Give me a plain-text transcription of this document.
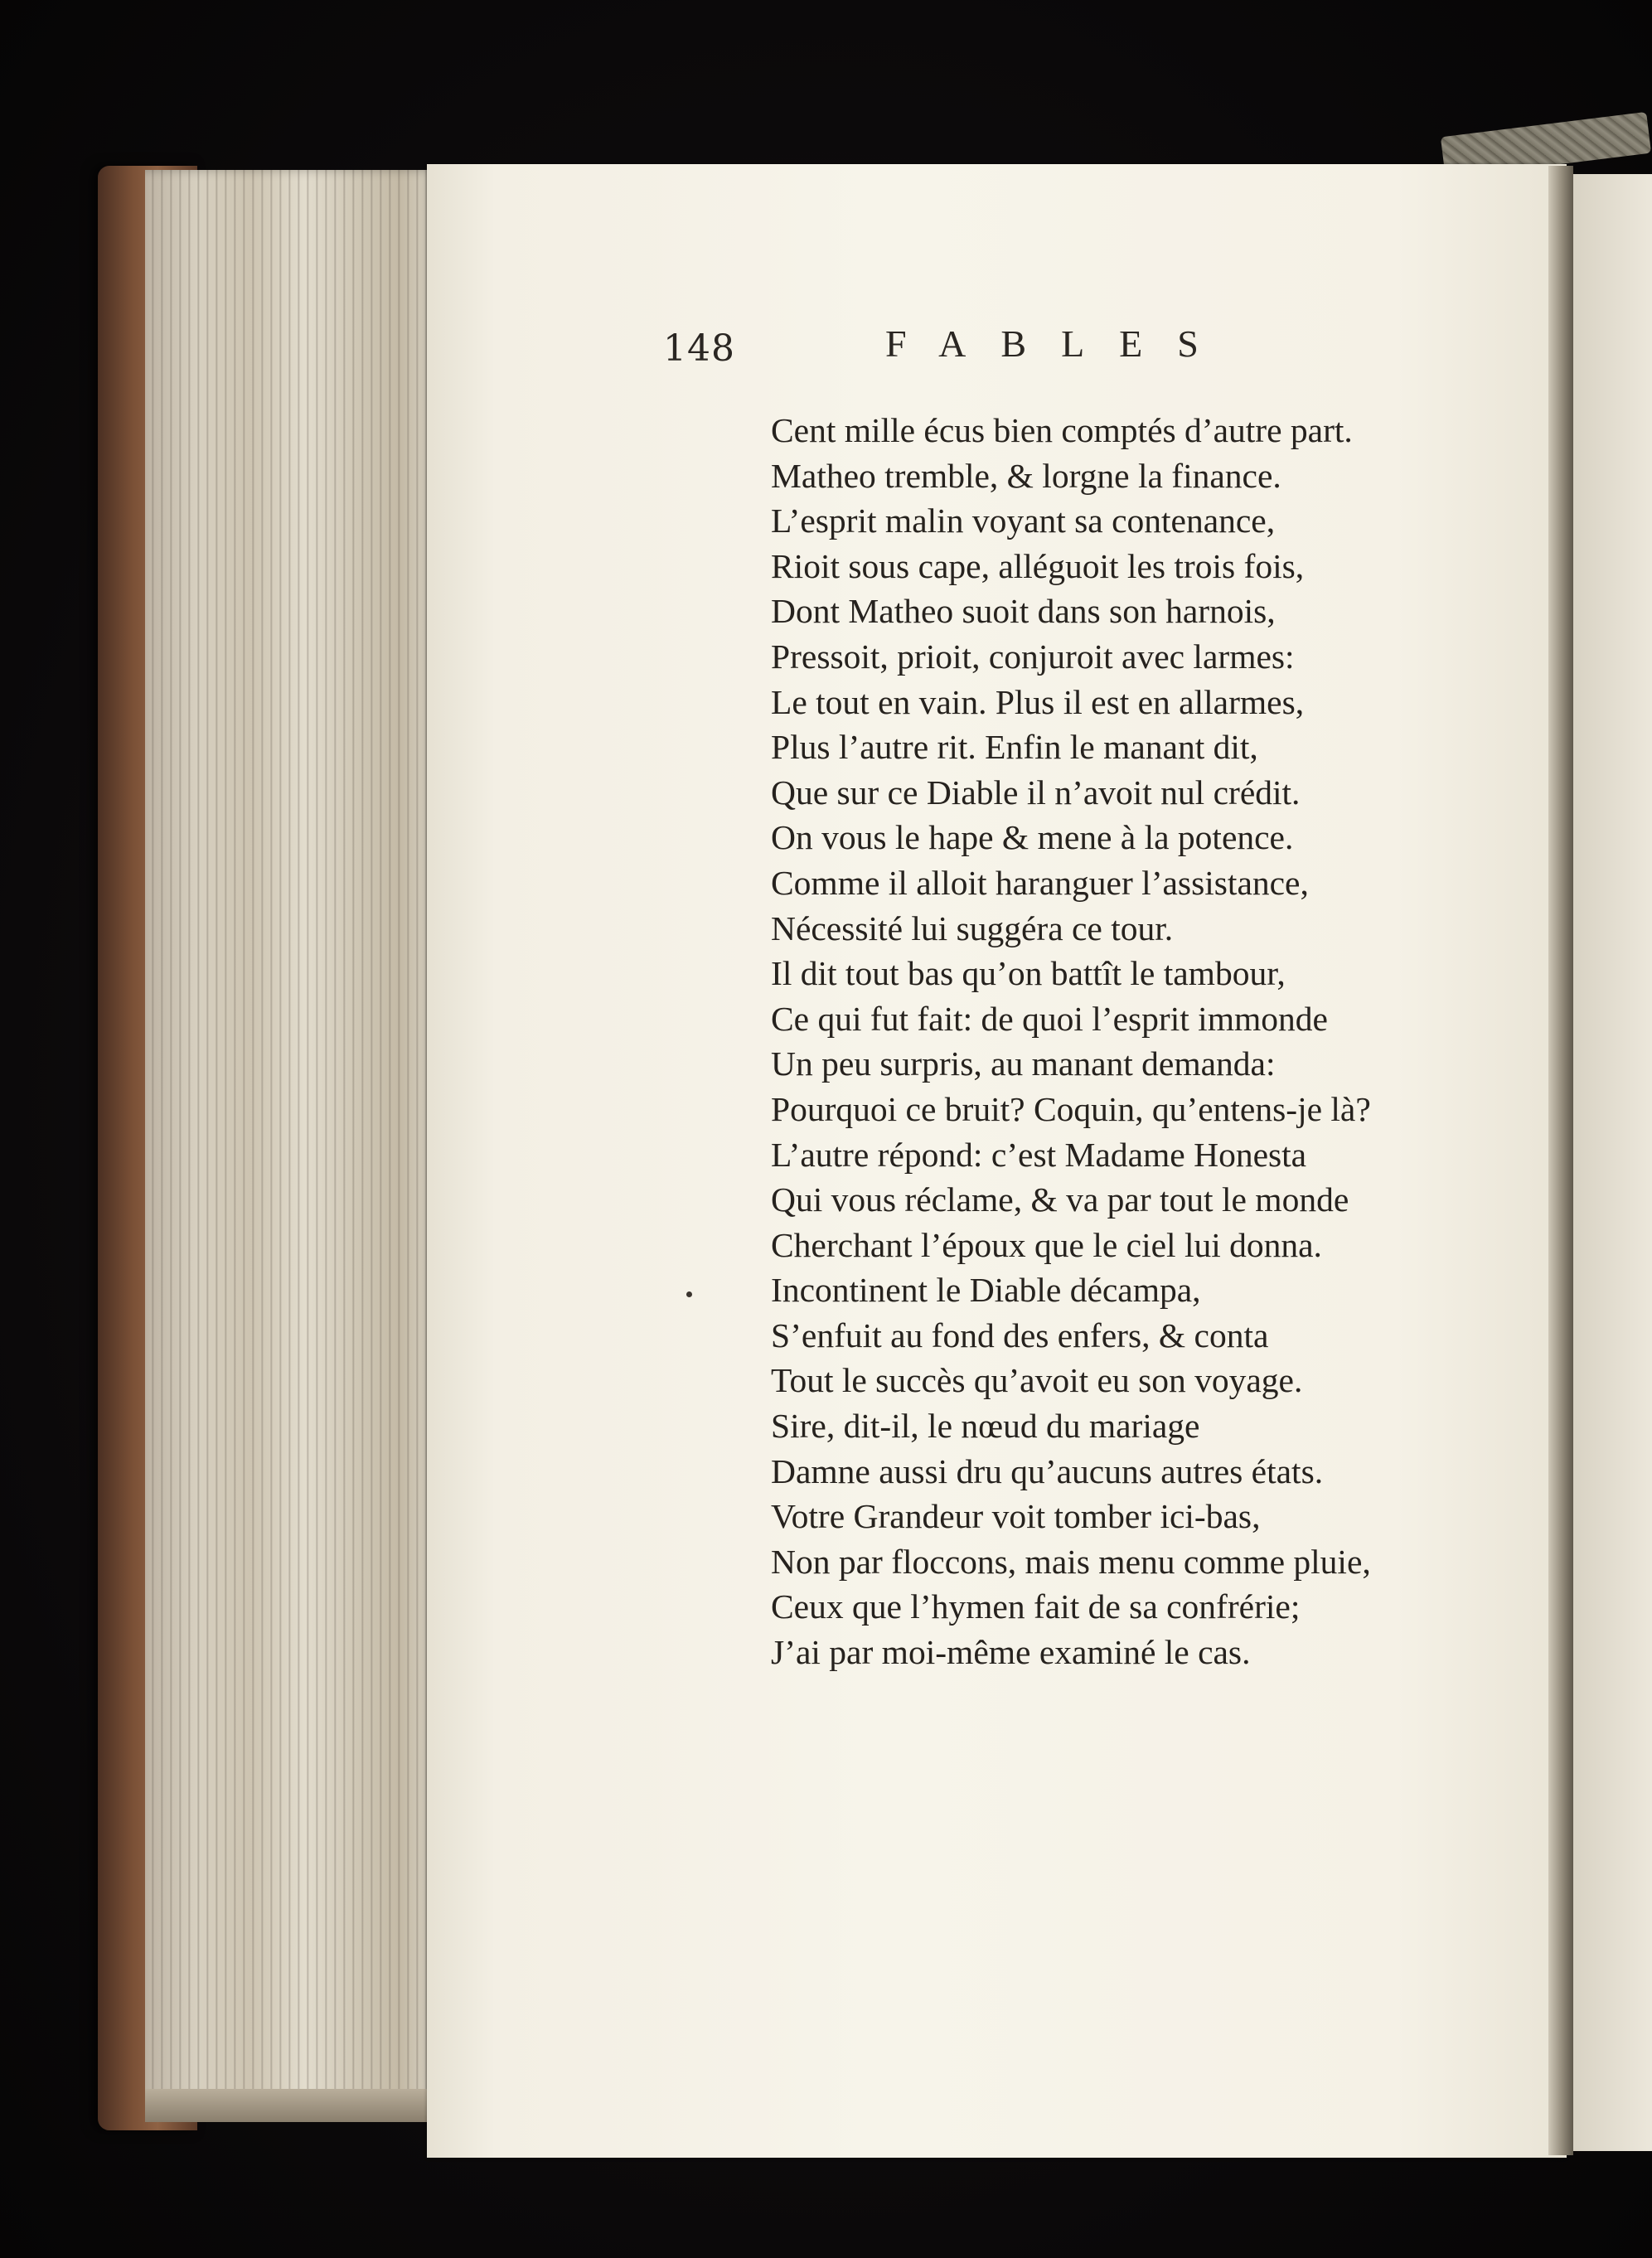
148	FABLES
Cent mille écus bien comptés d’autre part.
Matheo tremble, & lorgne la finance.
L’esprit malin voyant sa contenance,
Rioit sous cape, alléguoit les trois fois,
Dont Matheo suoit dans son harnois,
Pressoit, prioit, conjuroit avec larmes:
Le tout en vain. Plus il est en allarmes,
Plus l’autre rit. Enfin le manant dit,
Que sur ce Diable il n’avoit nul crédit.
On vous le hape & mene à la potence.
Comme il alloit haranguer l’assistance,
Nécessité lui suggéra ce tour.
Il dit tout bas qu’on battît le tambour,
Ce qui fut fait: de quoi l’esprit immonde
Un peu surpris, au manant demanda:
Pourquoi ce bruit? Coquin, qu’entens-je là?
L’autre répond: c’est Madame Honesta
Qui vous réclame, & va par tout le monde
Cherchant l’époux que le ciel lui donna.
Incontinent le Diable décampa,
S’enfuit au fond des enfers, & conta
Tout le succès qu’avoit eu son voyage.
Sire, dit-il, le nœud du mariage
Damne aussi dru qu’aucuns autres états.
Votre Grandeur voit tomber ici-bas,
Non par floccons, mais menu comme pluie,
Ceux que l’hymen fait de sa confrérie;
J’ai par moi-même examiné le cas.
